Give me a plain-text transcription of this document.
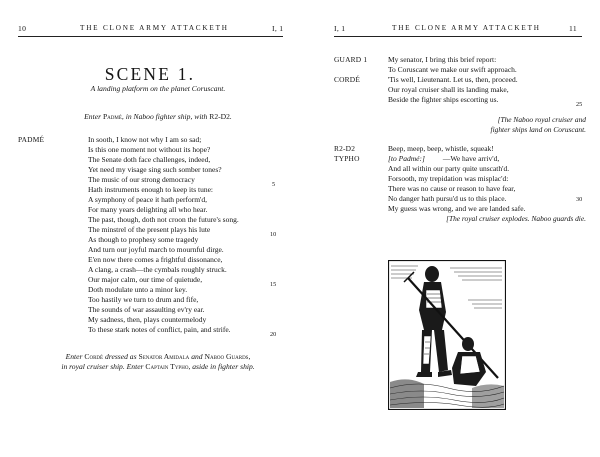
10	THE CLONE ARMY ATTACKETH	I, 1
SCENE 1.
A landing platform on the planet Coruscant.
Enter Padmé, in Naboo fighter ship, with R2-D2.
PADMÉ	In sooth, I know not why I am so sad;
Is this one moment not without its hope?
The Senate doth face challenges, indeed,
Yet need my visage sing such somber tones?
The music of our strong democracy
Hath instruments enough to keep its tune:
A symphony of peace it hath perform'd,
For many years delighting all who hear.
The past, though, doth not croon the future's song.
The minstrel of the present plays his lute
As though to prophesy some tragedy
And turn our joyful march to mournful dirge.
E'en now there comes a frightful dissonance,
A clang, a crash—the cymbals roughly struck.
Our major calm, our time of quietude,
Doth modulate unto a minor key.
Too hastily we turn to drum and fife,
The sounds of war assaulting ev'ry ear.
My sadness, then, plays countermelody
To these stark notes of conflict, pain, and strife.
5
10
15
20
Enter Cordé dressed as Senator Amidala and Naboo Guards,
in royal cruiser ship. Enter Captain Typho, aside in fighter ship.
I, 1	THE CLONE ARMY ATTACKETH	11
GUARD 1	My senator, I bring this brief report:
To Coruscant we make our swift approach.
CORDÉ	'Tis well, Lieutenant. Let us, then, proceed.
Our royal cruiser shall its landing make,
Beside the fighter ships escorting us.
25
[The Naboo royal cruiser and
fighter ships land on Coruscant.
R2-D2	Beep, meep, beep, whistle, squeak!
TYPHO	[to Padmé:] —We have arriv'd,
And all within our party quite unscath'd.
Forsooth, my trepidation was misplac'd:
There was no cause or reason to have fear,
No danger hath pursu'd us to this place.
My guess was wrong, and we are landed safe.
30
[The royal cruiser explodes. Naboo guards die.
